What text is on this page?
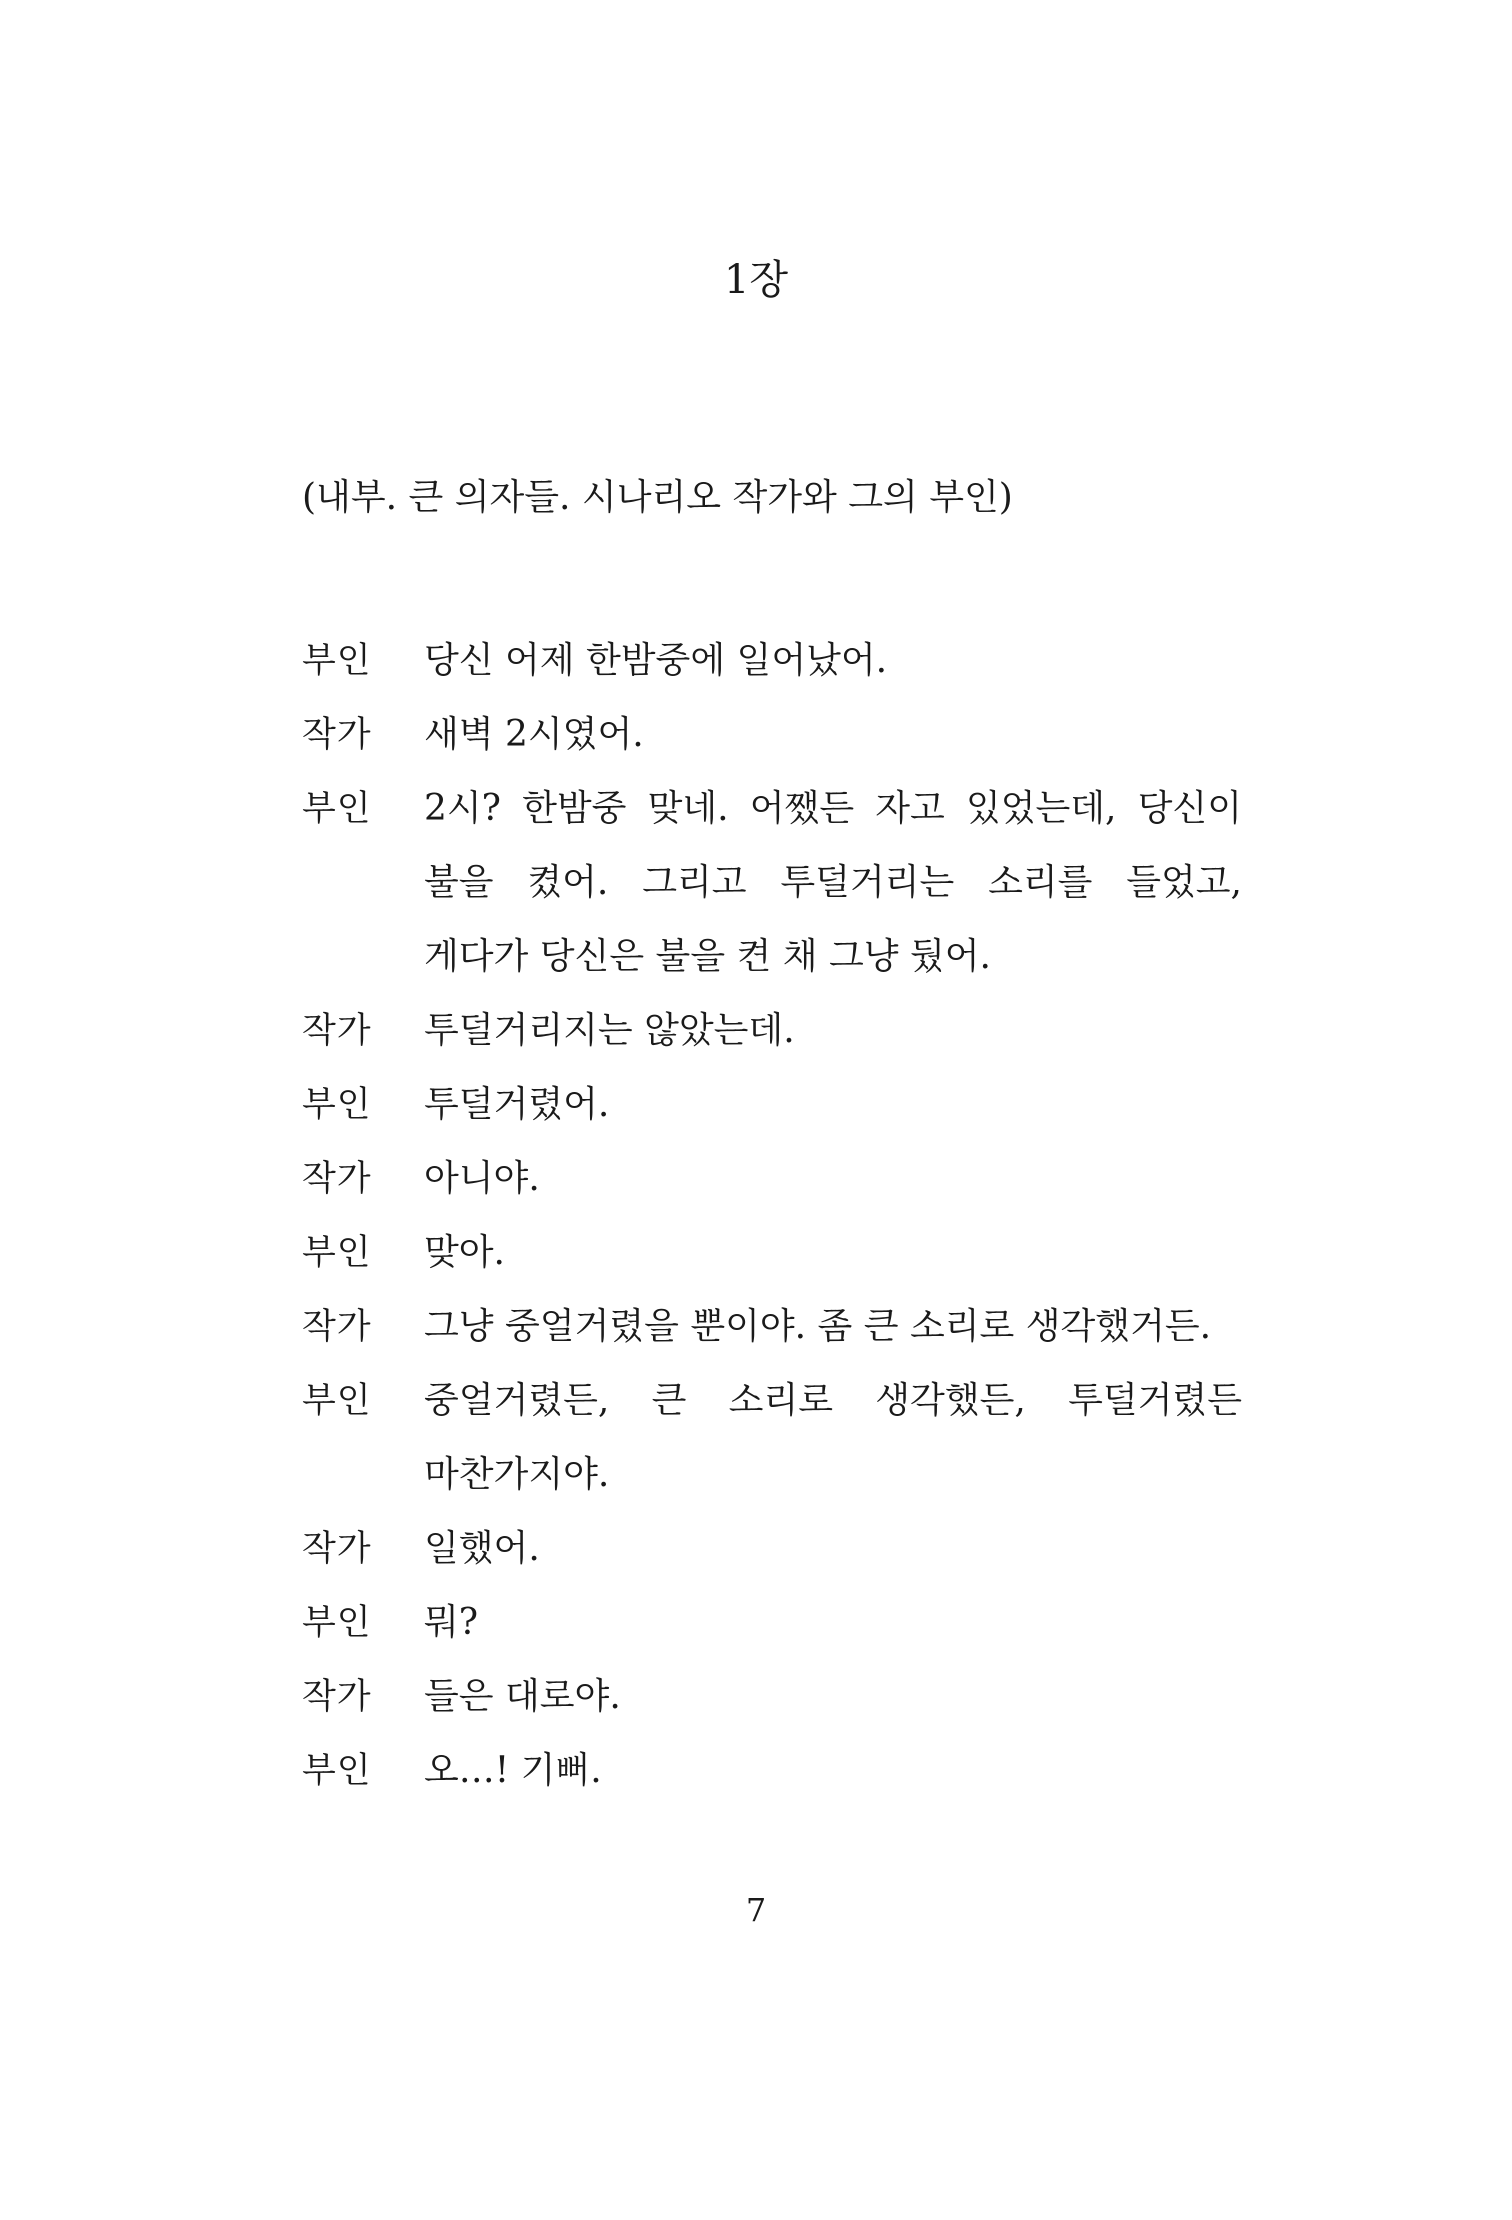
1장

(내부. 큰 의자들. 시나리오 작가와 그의 부인)

부인	당신 어제 한밤중에 일어났어.
작가	새벽 2시였어.
부인	2시? 한밤중 맞네. 어쨌든 자고 있었는데, 당신이 불을 켰어. 그리고 투덜거리는 소리를 들었고, 게다가 당신은 불을 켠 채 그냥 뒀어.
작가	투덜거리지는 않았는데.
부인	투덜거렸어.
작가	아니야.
부인	맞아.
작가	그냥 중얼거렸을 뿐이야. 좀 큰 소리로 생각했거든.
부인	중얼거렸든, 큰 소리로 생각했든, 투덜거렸든 마찬가지야.
작가	일했어.
부인	뭐?
작가	들은 대로야.
부인	오…! 기뻐.
7
